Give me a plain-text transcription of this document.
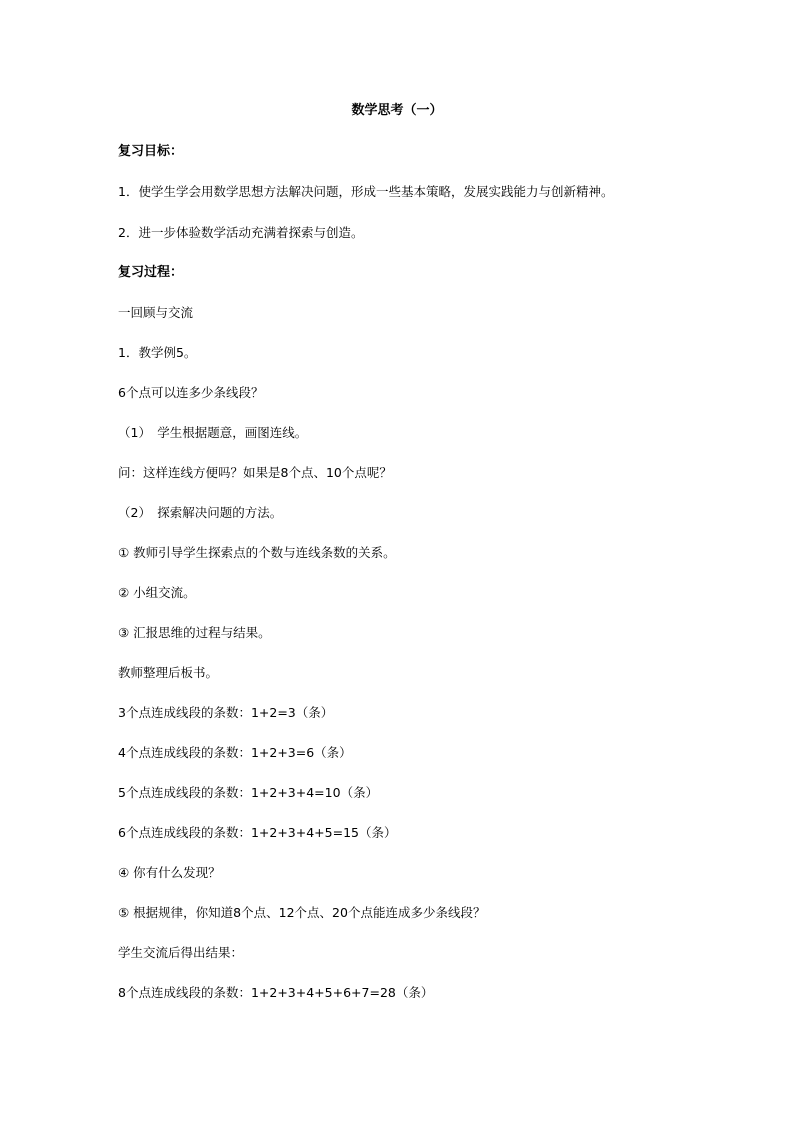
数学思考（一）
复习目标：
1．使学生学会用数学思想方法解决问题，形成一些基本策略，发展实践能力与创新精神。
2．进一步体验数学活动充满着探索与创造。
复习过程：
一回顾与交流
1．教学例5。
6个点可以连多少条线段？
（1）　学生根据题意，画图连线。
问：这样连线方便吗？如果是8个点、10个点呢？
（2）　探索解决问题的方法。
① 教师引导学生探索点的个数与连线条数的关系。
② 小组交流。
③ 汇报思维的过程与结果。
教师整理后板书。
3个点连成线段的条数：1+2=3（条）
4个点连成线段的条数：1+2+3=6（条）
5个点连成线段的条数：1+2+3+4=10（条）
6个点连成线段的条数：1+2+3+4+5=15（条）
④ 你有什么发现？
⑤ 根据规律，你知道8个点、12个点、20个点能连成多少条线段？
学生交流后得出结果：
8个点连成线段的条数：1+2+3+4+5+6+7=28（条）
